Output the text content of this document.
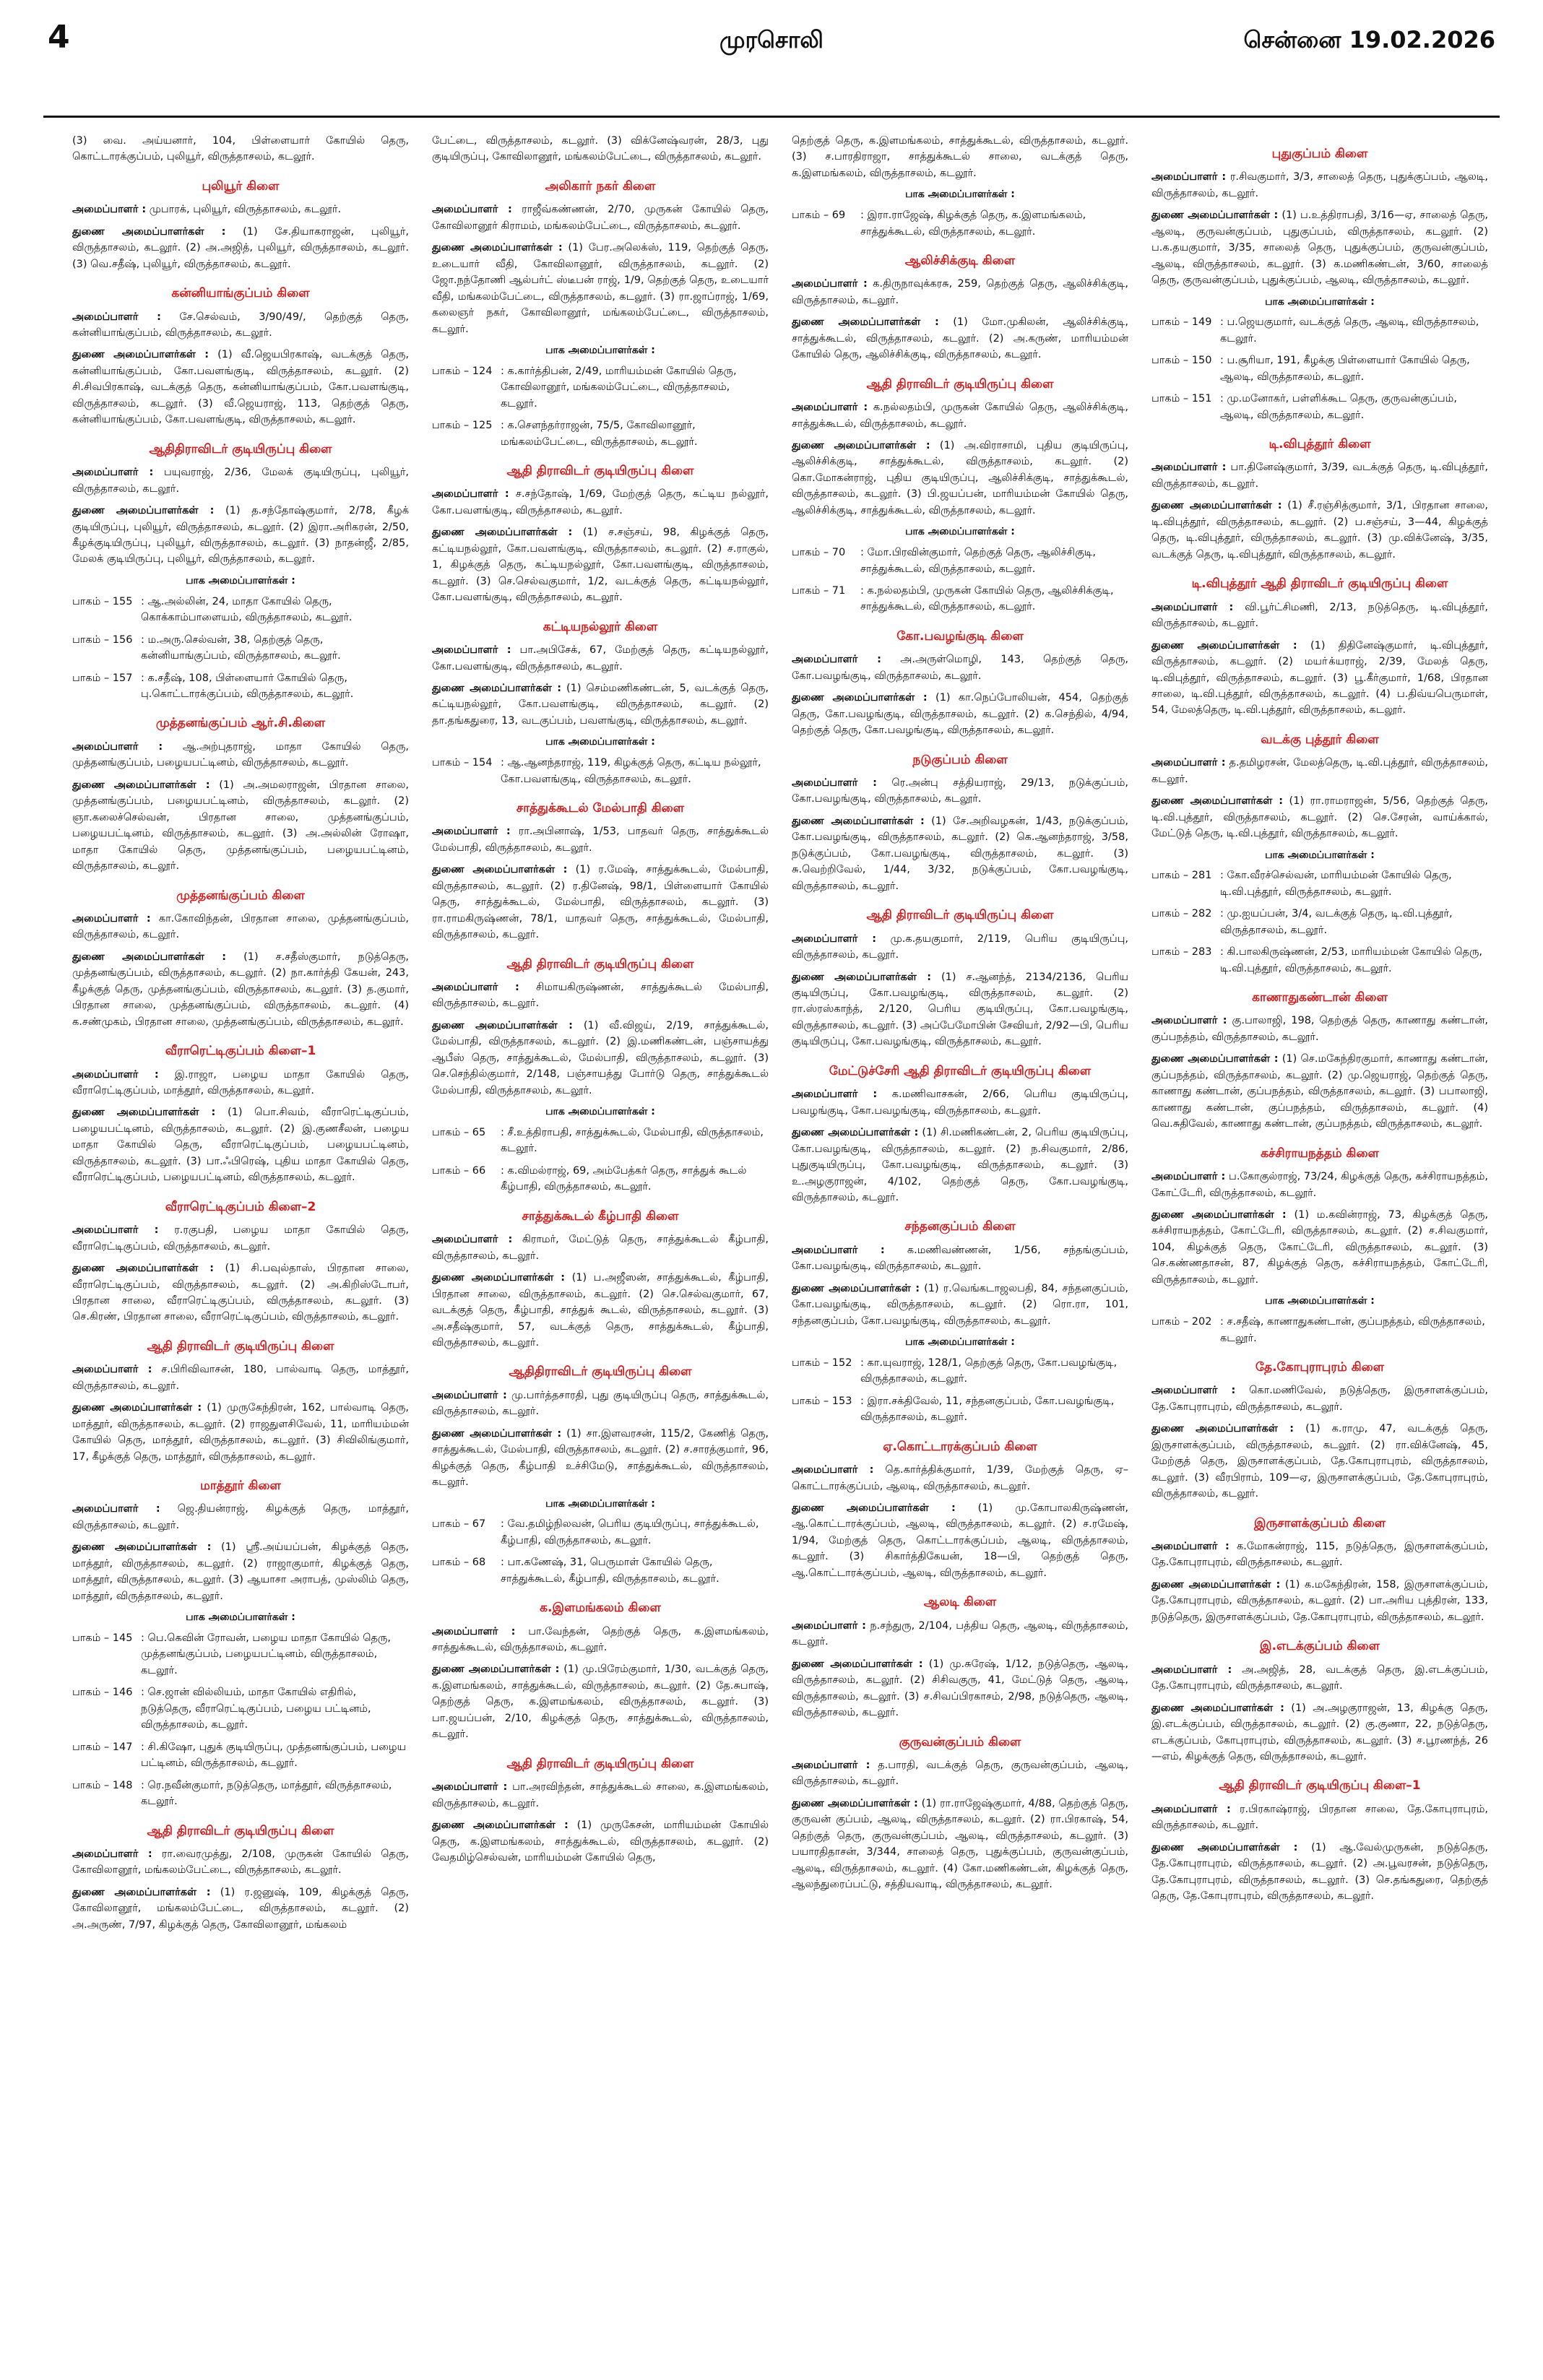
4	முரசொலி	சென்னை 19.02.2026

(3) வை. அய்யனார், 104, பிள்ளையார் கோயில் தெரு, கொட்டாரக்குப்பம், புலியூர், விருத்தாசலம், கடலூர்.

புலியூர் கிளை

அமைப்பாளர் : முபாரக், புலியூர், விருத்தாசலம், கடலூர்.

துணை அமைப்பாளர்கள் : (1) சே.தியாகராஜன், புலியூர், விருத்தாசலம், கடலூர். (2) அ.அஜித், புலியூர், விருத்தாசலம், கடலூர். (3) வெ.சதீஷ், புலியூர், விருத்தாசலம், கடலூர்.

கன்னியாங்குப்பம் கிளை

அமைப்பாளர் : சே.செல்வம், 3/90/49/, தெற்குத் தெரு, கன்னியாங்குப்பம், விருத்தாசலம், கடலூர்.

துணை அமைப்பாளர்கள் : (1) வீ.ஜெயபிரகாஷ், வடக்குத் தெரு, கன்னியாங்குப்பம், கோ.பவளங்குடி, விருத்தாசலம், கடலூர். (2) சி.சிவபிரகாஷ், வடக்குத் தெரு, கன்னியாங்குப்பம், கோ.பவளங்குடி, விருத்தாசலம், கடலூர். (3) வீ.ஜெயராஜ், 113, தெற்குத் தெரு, கன்னியாங்குப்பம், கோ.பவளங்குடி, விருத்தாசலம், கடலூர்.

ஆதிதிராவிடர் குடியிருப்பு கிளை

அமைப்பாளர் : பயுவராஜ், 2/36, மேலக் குடியிருப்பு, புலியூர், விருத்தாசலம், கடலூர்.

துணை அமைப்பாளர்கள் : (1) த.சந்தோஷ்குமார், 2/78, கீழக் குடியிருப்பு, புலியூர், விருத்தாசலம், கடலூர். (2) இரா.அரிகரன், 2/50, கீழக்குடியிருப்பு, புலியூர், விருத்தாசலம், கடலூர். (3) நாதன்ஜீ, 2/85, மேலக் குடியிருப்பு, புலியூர், விருத்தாசலம், கடலூர்.

பாக அமைப்பாளர்கள் :
பாகம் – 155 : ஆ.அல்லின், 24, மாதா கோயில் தெரு, கொக்காம்பாளையம், விருத்தாசலம், கடலூர்.
பாகம் – 156 : ம.அரு.செல்வன், 38, தெற்குத் தெரு, கன்னியாங்குப்பம், விருத்தாசலம், கடலூர்.
பாகம் – 157 : க.சதீஷ், 108, பிள்ளையார் கோயில் தெரு, பு.கொட்டாரக்குப்பம், விருத்தாசலம், கடலூர்.
முத்தனங்குப்பம் ஆர்.சி.கிளை

அமைப்பாளர் : ஆ.அற்புதராஜ், மாதா கோயில் தெரு, முத்தனங்குப்பம், பழையபட்டினம், விருத்தாசலம், கடலூர்.

துணை அமைப்பாளர்கள் : (1) அ.அமலராஜன், பிரதான சாலை, முத்தனங்குப்பம், பழையபட்டினம், விருத்தாசலம், கடலூர். (2) ஞா.கலைச்செல்வன், பிரதான சாலை, முத்தனங்குப்பம், பழையபட்டினம், விருத்தாசலம், கடலூர். (3) அ.அல்லின் ரோஷா, மாதா கோயில் தெரு, முத்தனங்குப்பம், பழையபட்டினம், விருத்தாசலம், கடலூர்.

முத்தனங்குப்பம் கிளை

அமைப்பாளர் : கா.கோவிந்தன், பிரதான சாலை, முத்தனங்குப்பம், விருத்தாசலம், கடலூர்.

துணை அமைப்பாளர்கள் : (1) ச.சதீஸ்குமார், நடுத்தெரு, முத்தனங்குப்பம், விருத்தாசலம், கடலூர். (2) நா.கார்த்தி கேயன், 243, கீழக்குத் தெரு, முத்தனங்குப்பம், விருத்தாசலம், கடலூர். (3) த.குமார், பிரதான சாலை, முத்தனங்குப்பம், விருத்தாசலம், கடலூர். (4) க.சண்முகம், பிரதான சாலை, முத்தனங்குப்பம், விருத்தாசலம், கடலூர்.

வீராரெட்டிகுப்பம் கிளை–1

அமைப்பாளர் : இ.ராஜா, பழைய மாதா கோயில் தெரு, வீராரெட்டிகுப்பம், மாத்தூர், விருத்தாசலம், கடலூர்.

துணை அமைப்பாளர்கள் : (1) பொ.சிவம், வீராரெட்டிகுப்பம், பழையபட்டினம், விருத்தாசலம், கடலூர். (2) இ.குணசீலன், பழைய மாதா கோயில் தெரு, வீராரெட்டிகுப்பம், பழையபட்டினம், விருத்தாசலம், கடலூர். (3) பா.ஃபிரெஷ், புதிய மாதா கோயில் தெரு, வீராரெட்டிகுப்பம், பழையபட்டினம், விருத்தாசலம், கடலூர்.

வீராரெட்டிகுப்பம் கிளை–2

அமைப்பாளர் : ர.ரகுபதி, பழைய மாதா கோயில் தெரு, வீராரெட்டிகுப்பம், விருத்தாசலம், கடலூர்.

துணை அமைப்பாளர்கள் : (1) சி.பவுல்தாஸ், பிரதான சாலை, வீராரெட்டிகுப்பம், விருத்தாசலம், கடலூர். (2) அ.கிறிஸ்டோபர், பிரதான சாலை, வீராரெட்டிகுப்பம், விருத்தாசலம், கடலூர். (3) செ.கிரண், பிரதான சாலை, வீராரெட்டிகுப்பம், விருத்தாசலம், கடலூர்.

ஆதி திராவிடர் குடியிருப்பு கிளை

அமைப்பாளர் : ச.பிரிவிவாசன், 180, பால்வாடி தெரு, மாத்தூர், விருத்தாசலம், கடலூர்.

துணை அமைப்பாளர்கள் : (1) முருகேந்திரன், 162, பால்வாடி தெரு, மாத்தூர், விருத்தாசலம், கடலூர். (2) ராஜதுளசிவேல், 11, மாரியம்மன் கோயில் தெரு, மாத்தூர், விருத்தாசலம், கடலூர். (3) சிவிலிங்குமார், 17, கீழக்குத் தெரு, மாத்தூர், விருத்தாசலம், கடலூர்.

மாத்தூர் கிளை

அமைப்பாளர் : ஜெ.தியன்ராஜ், கிழக்குத் தெரு, மாத்தூர், விருத்தாசலம், கடலூர்.

துணை அமைப்பாளர்கள் : (1) ஸ்ரீ.அய்யப்பன், கிழக்குத் தெரு, மாத்தூர், விருத்தாசலம், கடலூர். (2) ராஜாகுமார், கிழக்குத் தெரு, மாத்தூர், விருத்தாசலம், கடலூர். (3) ஆயாசா அராபத், முஸ்லிம் தெரு, மாத்தூர், விருத்தாசலம், கடலூர்.

பாக அமைப்பாளர்கள் :
பாகம் – 145 : பெ.கெவின் ரோவன், பழைய மாதா கோயில் தெரு, முத்தனங்குப்பம், பழையபட்டினம், விருத்தாசலம், கடலூர்.
பாகம் – 146 : செ.ஜான் வில்லியம், மாதா கோயில் எதிரில், நடுத்தெரு, வீராரெட்டிகுப்பம், பழைய பட்டினம், விருத்தாசலம், கடலூர்.
பாகம் – 147 : சி.கிஷோ, புதுக் குடியிருப்பு, முத்தனங்குப்பம், பழைய பட்டினம், விருத்தாசலம், கடலூர்.
பாகம் – 148 : ரெ.நவீன்குமார், நடுத்தெரு, மாத்தூர், விருத்தாசலம், கடலூர்.
ஆதி திராவிடர் குடியிருப்பு கிளை

அமைப்பாளர் : ரா.வைரமுத்து, 2/108, முருகன் கோயில் தெரு, கோவிலானூர், மங்கலம்பேட்டை, விருத்தாசலம், கடலூர்.

துணை அமைப்பாளர்கள் : (1) ர.ஜனுஷ், 109, கிழக்குத் தெரு, கோவிலானூர், மங்கலம்பேட்டை, விருத்தாசலம், கடலூர். (2) அ.அருண், 7/97, கிழக்குத் தெரு, கோவிலானூர், மங்கலம்

பேட்டை, விருத்தாசலம், கடலூர். (3) விக்னேஷ்வரன், 28/3, புது குடியிருப்பு, கோவிலானூர், மங்கலம்பேட்டை, விருத்தாசலம், கடலூர்.

அலிகார் நகர் கிளை

அமைப்பாளர் : ராஜீவ்கண்ணன், 2/70, முருகன் கோயில் தெரு, கோவிலானூர் கிராமம், மங்கலம்பேட்டை, விருத்தாசலம், கடலூர்.

துணை அமைப்பாளர்கள் : (1) பேர.அலெக்ஸ், 119, தெற்குத் தெரு, உடையார் வீதி, கோவிலானூர், விருத்தாசலம், கடலூர். (2) ஜோ.நந்தோணி ஆல்பர்ட் ஸ்டீபன் ராஜ், 1/9, தெற்குத் தெரு, உடையார் வீதி, மங்கலம்பேட்டை, விருத்தாசலம், கடலூர். (3) ரா.ஜாப்ராஜ், 1/69, கலைஞர் நகர், கோவிலானூர், மங்கலம்பேட்டை, விருத்தாசலம், கடலூர்.

பாக அமைப்பாளர்கள் :
பாகம் – 124 : க.கார்த்திபன், 2/49, மாரியம்மன் கோயில் தெரு, கோவிலானூர், மங்கலம்பேட்டை, விருத்தாசலம், கடலூர்.
பாகம் – 125 : க.சௌந்தர்ராஜன், 75/5, கோவிலானூர், மங்கலம்பேட்டை, விருத்தாசலம், கடலூர்.
ஆதி திராவிடர் குடியிருப்பு கிளை

அமைப்பாளர் : ச.சந்தோஷ், 1/69, மேற்குத் தெரு, கட்டிய நல்லூர், கோ.பவளங்குடி, விருத்தாசலம், கடலூர்.

துணை அமைப்பாளர்கள் : (1) ச.சஞ்சய், 98, கிழக்குத் தெரு, கட்டியநல்லூர், கோ.பவளங்குடி, விருத்தாசலம், கடலூர். (2) ச.ராகுல், 1, கிழக்குத் தெரு, கட்டியநல்லூர், கோ.பவளங்குடி, விருத்தாசலம், கடலூர். (3) செ.செல்வகுமார், 1/2, வடக்குத் தெரு, கட்டியநல்லூர், கோ.பவளங்குடி, விருத்தாசலம், கடலூர்.

கட்டியநல்லூர் கிளை

அமைப்பாளர் : பா.அபிசேக், 67, மேற்குத் தெரு, கட்டியநல்லூர், கோ.பவளங்குடி, விருத்தாசலம், கடலூர்.

துணை அமைப்பாளர்கள் : (1) செம்மணிகண்டன், 5, வடக்குத் தெரு, கட்டியநல்லூர், கோ.பவளங்குடி, விருத்தாசலம், கடலூர். (2) தா.தங்கதுரை, 13, வடகுப்பம், பவளங்குடி, விருத்தாசலம், கடலூர்.

பாக அமைப்பாளர்கள் :
பாகம் – 154 : ஆ.ஆனந்தராஜ், 119, கிழக்குத் தெரு, கட்டிய நல்லூர், கோ.பவளங்குடி, விருத்தாசலம், கடலூர்.
சாத்துக்கூடல் மேல்பாதி கிளை

அமைப்பாளர் : ரா.அபினாஷ், 1/53, பாதவர் தெரு, சாத்துக்கூடல் மேல்பாதி, விருத்தாசலம், கடலூர்.

துணை அமைப்பாளர்கள் : (1) ர.மேஷ், சாத்துக்கூடல், மேல்பாதி, விருத்தாசலம், கடலூர். (2) ர.தினேஷ், 98/1, பிள்ளையார் கோயில் தெரு, சாத்துக்கூடல், மேல்பாதி, விருத்தாசலம், கடலூர். (3) ரா.ராமகிருஷ்ணன், 78/1, யாதவர் தெரு, சாத்துக்கூடல், மேல்பாதி, விருத்தாசலம், கடலூர்.

ஆதி திராவிடர் குடியிருப்பு கிளை

அமைப்பாளர் : சிமாயகிருஷ்ணன், சாத்துக்கூடல் மேல்பாதி, விருத்தாசலம், கடலூர்.

துணை அமைப்பாளர்கள் : (1) வீ.விஜய், 2/19, சாத்துக்கூடல், மேல்பாதி, விருத்தாசலம், கடலூர். (2) இ.மணிகண்டன், பஞ்சாயத்து ஆபீஸ் தெரு, சாத்துக்கூடல், மேல்பாதி, விருத்தாசலம், கடலூர். (3) செ.செந்தில்குமார், 2/148, பஞ்சாயத்து போர்டு தெரு, சாத்துக்கூடல் மேல்பாதி, விருத்தாசலம், கடலூர்.

பாக அமைப்பாளர்கள் :
பாகம் – 65	: சீ.உத்திராபதி, சாத்துக்கூடல், மேல்பாதி, விருத்தாசலம், கடலூர்.
பாகம் – 66	: க.விமல்ராஜ், 69, அம்பேத்கர் தெரு, சாத்துக் கூடல் கீழ்பாதி, விருத்தாசலம், கடலூர்.
சாத்துக்கூடல் கீழ்பாதி கிளை

அமைப்பாளர் : கிராமர், மேட்டுத் தெரு, சாத்துக்கூடல் கீழ்பாதி, விருத்தாசலம், கடலூர்.

துணை அமைப்பாளர்கள் : (1) ப.அஜீஸன், சாத்துக்கூடல், கீழ்பாதி, பிரதான சாலை, விருத்தாசலம், கடலூர். (2) செ.செல்வகுமார், 67, வடக்குத் தெரு, கீழ்பாதி, சாத்துக் கூடல், விருத்தாசலம், கடலூர். (3) அ.சதீஷ்குமார், 57, வடக்குத் தெரு, சாத்துக்கூடல், கீழ்பாதி, விருத்தாசலம், கடலூர்.

ஆதிதிராவிடர் குடியிருப்பு கிளை

அமைப்பாளர் : மு.பார்த்தசாரதி, புது குடியிருப்பு தெரு, சாத்துக்கூடல், விருத்தாசலம், கடலூர்.

துணை அமைப்பாளர்கள் : (1) சா.இளவரசன், 115/2, கேணித் தெரு, சாத்துக்கூடல், மேல்பாதி, விருத்தாசலம், கடலூர். (2) ச.சாரத்குமார், 96, கிழக்குத் தெரு, கீழ்பாதி உச்சிமேடு, சாத்துக்கூடல், விருத்தாசலம், கடலூர்.

பாக அமைப்பாளர்கள் :
பாகம் – 67	: வே.தமிழ்நிலவன், பெரிய குடியிருப்பு, சாத்துக்கூடல், கீழ்பாதி, விருத்தாசலம், கடலூர்.
பாகம் – 68	: பா.கணேஷ், 31, பெருமாள் கோயில் தெரு, சாத்துக்கூடல், கீழ்பாதி, விருத்தாசலம், கடலூர்.
க.இளமங்கலம் கிளை

அமைப்பாளர் : பா.வேந்தன், தெற்குத் தெரு, க.இளமங்கலம், சாத்துக்கூடல், விருத்தாசலம், கடலூர்.

துணை அமைப்பாளர்கள் : (1) மு.பிரேம்குமார், 1/30, வடக்குத் தெரு, க.இளமங்கலம், சாத்துக்கூடல், விருத்தாசலம், கடலூர். (2) தே.சுபாஷ், தெற்குத் தெரு, க.இளமங்கலம், விருத்தாசலம், கடலூர். (3) பா.ஜயப்பன், 2/10, கிழக்குத் தெரு, சாத்துக்கூடல், விருத்தாசலம், கடலூர்.

ஆதி திராவிடர் குடியிருப்பு கிளை

அமைப்பாளர் : பா.அரவிந்தன், சாத்துக்கூடல் சாலை, க.இளமங்கலம், விருத்தாசலம், கடலூர்.

துணை அமைப்பாளர்கள் : (1) முருகேசன், மாரியம்மன் கோயில் தெரு, க.இளமங்கலம், சாத்துக்கூடல், விருத்தாசலம், கடலூர். (2) வேதமிழ்செல்வன், மாரியம்மன் கோயில் தெரு,

தெற்குத் தெரு, க.இளமங்கலம், சாத்துக்கூடல், விருத்தாசலம், கடலூர். (3) ச.பாரதிராஜா, சாத்துக்கூடல் சாலை, வடக்குத் தெரு, க.இளமங்கலம், விருத்தாசலம், கடலூர்.

பாக அமைப்பாளர்கள் :
பாகம் – 69	: இரா.ராஜேஷ், கிழக்குத் தெரு, க.இளமங்கலம், சாத்துக்கூடல், விருத்தாசலம், கடலூர்.
ஆலிச்சிக்குடி கிளை

அமைப்பாளர் : க.திருநாவுக்கரசு, 259, தெற்குத் தெரு, ஆலிச்சிக்குடி, விருத்தாசலம், கடலூர்.

துணை அமைப்பாளர்கள் : (1) மோ.முகிலன், ஆலிச்சிக்குடி, சாத்துக்கூடல், விருத்தாசலம், கடலூர். (2) அ.கருண், மாரியம்மன் கோயில் தெரு, ஆலிச்சிக்குடி, விருத்தாசலம், கடலூர்.

ஆதி திராவிடர் குடியிருப்பு கிளை

அமைப்பாளர் : க.நல்லதம்பி, முருகன் கோயில் தெரு, ஆலிச்சிக்குடி, சாத்துக்கூடல், விருத்தாசலம், கடலூர்.

துணை அமைப்பாளர்கள் : (1) அ.விராசாமி, புதிய குடியிருப்பு, ஆலிச்சிக்குடி, சாத்துக்கூடல், விருத்தாசலம், கடலூர். (2) கொ.மோகன்ராஜ், புதிய குடியிருப்பு, ஆலிச்சிக்குடி, சாத்துக்கூடல், விருத்தாசலம், கடலூர். (3) பி.ஜயப்பன், மாரியம்மன் கோயில் தெரு, ஆலிச்சிக்குடி, சாத்துக்கூடல், விருத்தாசலம், கடலூர்.

பாக அமைப்பாளர்கள் :
பாகம் – 70	: மோ.பிரவின்குமார், தெற்குத் தெரு, ஆலிச்சிகுடி, சாத்துக்கூடல், விருத்தாசலம், கடலூர்.
பாகம் – 71	: க.நல்லதம்பி, முருகன் கோயில் தெரு, ஆலிச்சிக்குடி, சாத்துக்கூடல், விருத்தாசலம், கடலூர்.
கோ.பவழங்குடி கிளை

அமைப்பாளர் : அ.அருள்மொழி, 143, தெற்குத் தெரு, கோ.பவழங்குடி, விருத்தாசலம், கடலூர்.

துணை அமைப்பாளர்கள் : (1) கா.நெப்போலியன், 454, தெற்குத் தெரு, கோ.பவழங்குடி, விருத்தாசலம், கடலூர். (2) க.செந்தில், 4/94, தெற்குத் தெரு, கோ.பவழங்குடி, விருத்தாசலம், கடலூர்.

நடுகுப்பம் கிளை

அமைப்பாளர் : ரெ.அன்பு சத்தியராஜ், 29/13, நடுக்குப்பம், கோ.பவழங்குடி, விருத்தாசலம், கடலூர்.

துணை அமைப்பாளர்கள் : (1) சே.அறிவழகன், 1/43, நடுக்குப்பம், கோ.பவழங்குடி, விருத்தாசலம், கடலூர். (2) கெ.ஆனந்தராஜ், 3/58, நடுக்குப்பம், கோ.பவழங்குடி, விருத்தாசலம், கடலூர். (3) சு.வெற்றிவேல், 1/44, 3/32, நடுக்குப்பம், கோ.பவழங்குடி, விருத்தாசலம், கடலூர்.

ஆதி திராவிடர் குடியிருப்பு கிளை

அமைப்பாளர் : மு.க.தயகுமார், 2/119, பெரிய குடியிருப்பு, விருத்தாசலம், கடலூர்.

துணை அமைப்பாளர்கள் : (1) ச.ஆனந்த், 2134/2136, பெரிய குடியிருப்பு, கோ.பவழங்குடி, விருத்தாசலம், கடலூர். (2) ரா.ஸ்ரஸ்காந்த், 2/120, பெரிய குடியிருப்பு, கோ.பவழங்குடி, விருத்தாசலம், கடலூர். (3) அப்பேமோபின் சேவியர், 2/92—பி, பெரிய குடியிருப்பு, கோ.பவழங்குடி, விருத்தாசலம், கடலூர்.

மேட்டுச்சேரி ஆதி திராவிடர் குடியிருப்பு கிளை

அமைப்பாளர் : க.மணிவாசகன், 2/66, பெரிய குடியிருப்பு, பவழங்குடி, கோ.பவழங்குடி, விருத்தாசலம், கடலூர்.

துணை அமைப்பாளர்கள் : (1) சி.மணிகண்டன், 2, பெரிய குடியிருப்பு, கோ.பவழங்குடி, விருத்தாசலம், கடலூர். (2) ந.சிவகுமார், 2/86, புதுகுடியிருப்பு, கோ.பவழங்குடி, விருத்தாசலம், கடலூர். (3) உ.அழகுராஜன், 4/102, தெற்குத் தெரு, கோ.பவழங்குடி, விருத்தாசலம், கடலூர்.

சந்தனகுப்பம் கிளை

அமைப்பாளர் : க.மணிவண்ணன், 1/56, சந்தங்குப்பம், கோ.பவழங்குடி, விருத்தாசலம், கடலூர்.

துணை அமைப்பாளர்கள் : (1) ர.வெங்கடாஜலபதி, 84, சந்தனகுப்பம், கோ.பவழங்குடி, விருத்தாசலம், கடலூர். (2) ரொ.ரா, 101, சந்தனகுப்பம், கோ.பவழங்குடி, விருத்தாசலம், கடலூர்.

பாக அமைப்பாளர்கள் :
பாகம் – 152 : கா.யுவராஜ், 128/1, தெற்குத் தெரு, கோ.பவழங்குடி, விருத்தாசலம், கடலூர்.
பாகம் – 153 : இரா.சக்திவேல், 11, சந்தனகுப்பம், கோ.பவழங்குடி, விருத்தாசலம், கடலூர்.
ஏ.கொட்டாரக்குப்பம் கிளை

அமைப்பாளர் : தெ.கார்த்திக்குமார், 1/39, மேற்குத் தெரு, ஏ–கொட்டாரக்குப்பம், ஆலடி, விருத்தாசலம், கடலூர்.

துணை அமைப்பாளர்கள் : (1) மு.கோபாலகிருஷ்ணன், ஆ.கொட்டாரக்குப்பம், ஆலடி, விருத்தாசலம், கடலூர். (2) ச.ரமேஷ், 1/94, மேற்குத் தெரு, கொட்டாரக்குப்பம், ஆலடி, விருத்தாசலம், கடலூர். (3) சிகார்த்திகேயன், 18—பி, தெற்குத் தெரு, ஆ.கொட்டாரக்குப்பம், ஆலடி, விருத்தாசலம், கடலூர்.

ஆலடி கிளை

அமைப்பாளர் : ந.சந்துரு, 2/104, பத்திய தெரு, ஆலடி, விருத்தாசலம், கடலூர்.

துணை அமைப்பாளர்கள் : (1) மு.சுரேஷ், 1/12, நடுத்தெரு, ஆலடி, விருத்தாசலம், கடலூர். (2) சிசிவகுரு, 41, மேட்டுத் தெரு, ஆலடி, விருத்தாசலம், கடலூர். (3) ச.சிவப்பிரகாசம், 2/98, நடுத்தெரு, ஆலடி, விருத்தாசலம், கடலூர்.

குருவன்குப்பம் கிளை

அமைப்பாளர் : த.பாரதி, வடக்குத் தெரு, குருவன்குப்பம், ஆலடி, விருத்தாசலம், கடலூர்.

துணை அமைப்பாளர்கள் : (1) ரா.ராஜேஷ்குமார், 4/88, தெற்குத் தெரு, குருவன் குப்பம், ஆலடி, விருத்தாசலம், கடலூர். (2) ரா.பிரகாஷ், 54, தெற்குத் தெரு, குருவன்குப்பம், ஆலடி, விருத்தாசலம், கடலூர். (3) பயாரதிதாசன், 3/344, சாலைத் தெரு, புதுக்குப்பம், குருவன்குப்பம், ஆலடி, விருத்தாசலம், கடலூர். (4) கோ.மணிகண்டன், கிழக்குத் தெரு, ஆலந்துரைப்பட்டு, சத்தியவாடி, விருத்தாசலம், கடலூர்.

புதுகுப்பம் கிளை

அமைப்பாளர் : ர.சிவகுமார், 3/3, சாலைத் தெரு, புதுக்குப்பம், ஆலடி, விருத்தாசலம், கடலூர்.

துணை அமைப்பாளர்கள் : (1) ப.உத்திராபதி, 3/16—ஏ, சாலைத் தெரு, ஆலடி, குருவன்குப்பம், புதுகுப்பம், விருத்தாசலம், கடலூர். (2) ப.க.தயகுமார், 3/35, சாலைத் தெரு, புதுக்குப்பம், குருவன்குப்பம், ஆலடி, விருத்தாசலம், கடலூர். (3) க.மணிகண்டன், 3/60, சாலைத் தெரு, குருவன்குப்பம், புதுக்குப்பம், ஆலடி, விருத்தாசலம், கடலூர்.

பாக அமைப்பாளர்கள் :
பாகம் – 149 : ப.ஜெயகுமார், வடக்குத் தெரு, ஆலடி, விருத்தாசலம், கடலூர்.
பாகம் – 150 : ப.சூரியா, 191, கீழக்கு பிள்ளையார் கோயில் தெரு, ஆலடி, விருத்தாசலம், கடலூர்.
பாகம் – 151 : மு.மனோகர், பள்ளிக்கூட தெரு, குருவன்குப்பம், ஆலடி, விருத்தாசலம், கடலூர்.
டி.விபுத்தூர் கிளை

அமைப்பாளர் : பா.தினேஷ்குமார், 3/39, வடக்குத் தெரு, டி.விபுத்தூர், விருத்தாசலம், கடலூர்.

துணை அமைப்பாளர்கள் : (1) சீ.ரஞ்சித்குமார், 3/1, பிரதான சாலை, டி.விபுத்தூர், விருத்தாசலம், கடலூர். (2) ப.சஞ்சய், 3—44, கிழக்குத் தெரு, டி.விபுத்தூர், விருத்தாசலம், கடலூர். (3) மு.விக்னேஷ், 3/35, வடக்குத் தெரு, டி.விபுத்தூர், விருத்தாசலம், கடலூர்.

டி.விபுத்தூர் ஆதி திராவிடர் குடியிருப்பு கிளை

அமைப்பாளர் : வி.பூர்ட்சிமணி, 2/13, நடுத்தெரு, டி.விபுத்தூர், விருத்தாசலம், கடலூர்.

துணை அமைப்பாளர்கள் : (1) திதினேஷ்குமார், டி.விபுத்தூர், விருத்தாசலம், கடலூர். (2) மயா்க்யராஜ், 2/39, மேலத் தெரு, டி.விபுத்தூர், விருத்தாசலம், கடலூர். (3) பூ.கீர்குமார், 1/68, பிரதான சாலை, டி.வி.புத்தூர், விருத்தாசலம், கடலூர். (4) ப.திவ்யபெருமாள், 54, மேலத்தெரு, டி.வி.புத்தூர், விருத்தாசலம், கடலூர்.

வடக்கு புத்தூர் கிளை

அமைப்பாளர் : த.தமிழரசன், மேலத்தெரு, டி.வி.புத்தூர், விருத்தாசலம், கடலூர்.

துணை அமைப்பாளர்கள் : (1) ரா.ராமராஜன், 5/56, தெற்குத் தெரு, டி.வி.புத்தூர், விருத்தாசலம், கடலூர். (2) செ.சேரன், வாய்க்கால், மேட்டுத் தெரு, டி.வி.புத்தூர், விருத்தாசலம், கடலூர்.

பாக அமைப்பாளர்கள் :
பாகம் – 281 : கோ.வீரச்செல்வன், மாரியம்மன் கோயில் தெரு, டி.வி.புத்தூர், விருத்தாசலம், கடலூர்.
பாகம் – 282 : மு.ஐயப்பன், 3/4, வடக்குத் தெரு, டி.வி.புத்தூர், விருத்தாசலம், கடலூர்.
பாகம் – 283 : கி.பாலகிருஷ்ணன், 2/53, மாரியம்மன் கோயில் தெரு, டி.வி.புத்தூர், விருத்தாசலம், கடலூர்.
காணாதுகண்டான் கிளை

அமைப்பாளர் : கு.பாலாஜி, 198, தெற்குத் தெரு, காணாது கண்டான், குப்பநத்தம், விருத்தாசலம், கடலூர்.

துணை அமைப்பாளர்கள் : (1) செ.மகேந்திரகுமார், காணாது கண்டான், குப்பநத்தம், விருத்தாசலம், கடலூர். (2) மு.ஜெயராஜ், தெற்குத் தெரு, காணாது கண்டான், குப்பநத்தம், விருத்தாசலம், கடலூர். (3) பபாலாஜி, காணாது கண்டான், குப்பநத்தம், விருத்தாசலம், கடலூர். (4) வெ.சுதிவேல், காணாது கண்டான், குப்பநத்தம், விருத்தாசலம், கடலூர்.

கச்சிராயநத்தம் கிளை

அமைப்பாளர் : ப.கோகுல்ராஜ், 73/24, கிழக்குத் தெரு, கச்சிராயநத்தம், கோட்டேரி, விருத்தாசலம், கடலூர்.

துணை அமைப்பாளர்கள் : (1) ம.கவின்ராஜ், 73, கிழக்குத் தெரு, கச்சிராயநத்தம், கோட்டேரி, விருத்தாசலம், கடலூர். (2) ச.சிவகுமார், 104, கிழக்குத் தெரு, கோட்டேரி, விருத்தாசலம், கடலூர். (3) செ.கண்ணதாசன், 87, கிழக்குத் தெரு, கச்சிராயநத்தம், கோட்டேரி, விருத்தாசலம், கடலூர்.

பாக அமைப்பாளர்கள் :
பாகம் – 202 : ச.சதீஷ், காணாதுகண்டான், குப்பநத்தம், விருத்தாசலம், கடலூர்.
தே.கோபுராபுரம் கிளை

அமைப்பாளர் : கொ.மணிவேல், நடுத்தெரு, இருசாளக்குப்பம், தே.கோபுராபுரம், விருத்தாசலம், கடலூர்.

துணை அமைப்பாளர்கள் : (1) க.ராமு, 47, வடக்குத் தெரு, இருசாளக்குப்பம், விருத்தாசலம், கடலூர். (2) ரா.விக்னேஷ், 45, மேற்குத் தெரு, இருசாளக்குப்பம், தே.கோபுராபுரம், விருத்தாசலம், கடலூர். (3) வீரபிராம், 109—ஏ, இருசாளக்குப்பம், தே.கோபுராபுரம், விருத்தாசலம், கடலூர்.

இருசாளக்குப்பம் கிளை

அமைப்பாளர் : க.மோகன்ராஜ், 115, நடுத்தெரு, இருசாளக்குப்பம், தே.கோபுராபுரம், விருத்தாசலம், கடலூர்.

துணை அமைப்பாளர்கள் : (1) க.மகேந்திரன், 158, இருசாளக்குப்பம், தே.கோபுராபுரம், விருத்தாசலம், கடலூர். (2) பா.அரிய புத்திரன், 133, நடுத்தெரு, இருசாளக்குப்பம், தே.கோபுராபுரம், விருத்தாசலம், கடலூர்.

இ.எடக்குப்பம் கிளை

அமைப்பாளர் : அ.அஜித், 28, வடக்குத் தெரு, இ.எடக்குப்பம், தே.கோபுராபுரம், விருத்தாசலம், கடலூர்.

துணை அமைப்பாளர்கள் : (1) அ.அழகுராஜன், 13, கிழக்கு தெரு, இ.எடக்குப்பம், விருத்தாசலம், கடலூர். (2) கு.குணா, 22, நடுத்தெரு, எடக்குப்பம், கோபுராபுரம், விருத்தாசலம், கடலூர். (3) ச.பூரணந்த், 26—எம், கிழக்குத் தெரு, விருத்தாசலம், கடலூர்.

ஆதி திராவிடர் குடியிருப்பு கிளை–1

அமைப்பாளர் : ர.பிரகாஷ்ராஜ், பிரதான சாலை, தே.கோபுராபுரம், விருத்தாசலம், கடலூர்.

துணை அமைப்பாளர்கள் : (1) ஆ.வேல்முருகன், நடுத்தெரு, தே.கோபுராபுரம், விருத்தாசலம், கடலூர். (2) அ.பூவரசன், நடுத்தெரு, தே.கோபுராபுரம், விருத்தாசலம், கடலூர். (3) செ.தங்கதுரை, தெற்குத் தெரு, தே.கோபுராபுரம், விருத்தாசலம், கடலூர்.
